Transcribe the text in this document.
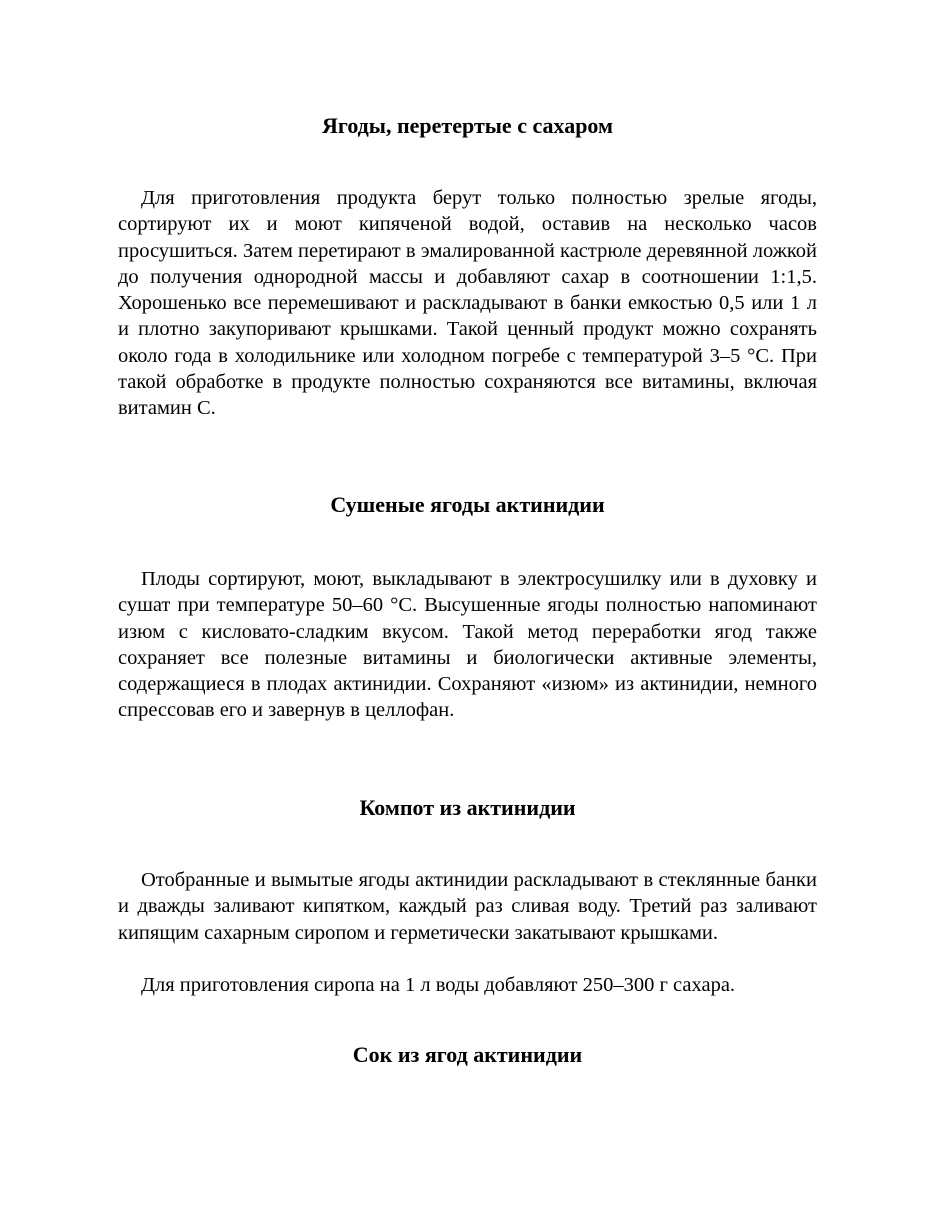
Ягоды, перетертые с сахаром

Для приготовления продукта берут только полностью зрелые ягоды, сортируют их и моют кипяченой водой, оставив на несколько часов просушиться. Затем перетирают в эмалированной кастрюле деревянной ложкой до получения однородной массы и добавляют сахар в соотношении 1:1,5. Хорошенько все перемешивают и раскладывают в банки емкостью 0,5 или 1 л и плотно закупоривают крышками. Такой ценный продукт можно сохранять около года в холодильнике или холодном погребе с температурой 3–5 °С. При такой обработке в продукте полностью сохраняются все витамины, включая витамин С.

Сушеные ягоды актинидии

Плоды сортируют, моют, выкладывают в электросушилку или в духовку и сушат при температуре 50–60 °С. Высушенные ягоды полностью напоминают изюм с кисловато-сладким вкусом. Такой метод переработки ягод также сохраняет все полезные витамины и биологически активные элементы, содержащиеся в плодах актинидии. Сохраняют «изюм» из актинидии, немного спрессовав его и завернув в целлофан.

Компот из актинидии

Отобранные и вымытые ягоды актинидии раскладывают в стеклянные банки и дважды заливают кипятком, каждый раз сливая воду. Третий раз заливают кипящим сахарным сиропом и герметически закатывают крышками.

Для приготовления сиропа на 1 л воды добавляют 250–300 г сахара.

Сок из ягод актинидии
